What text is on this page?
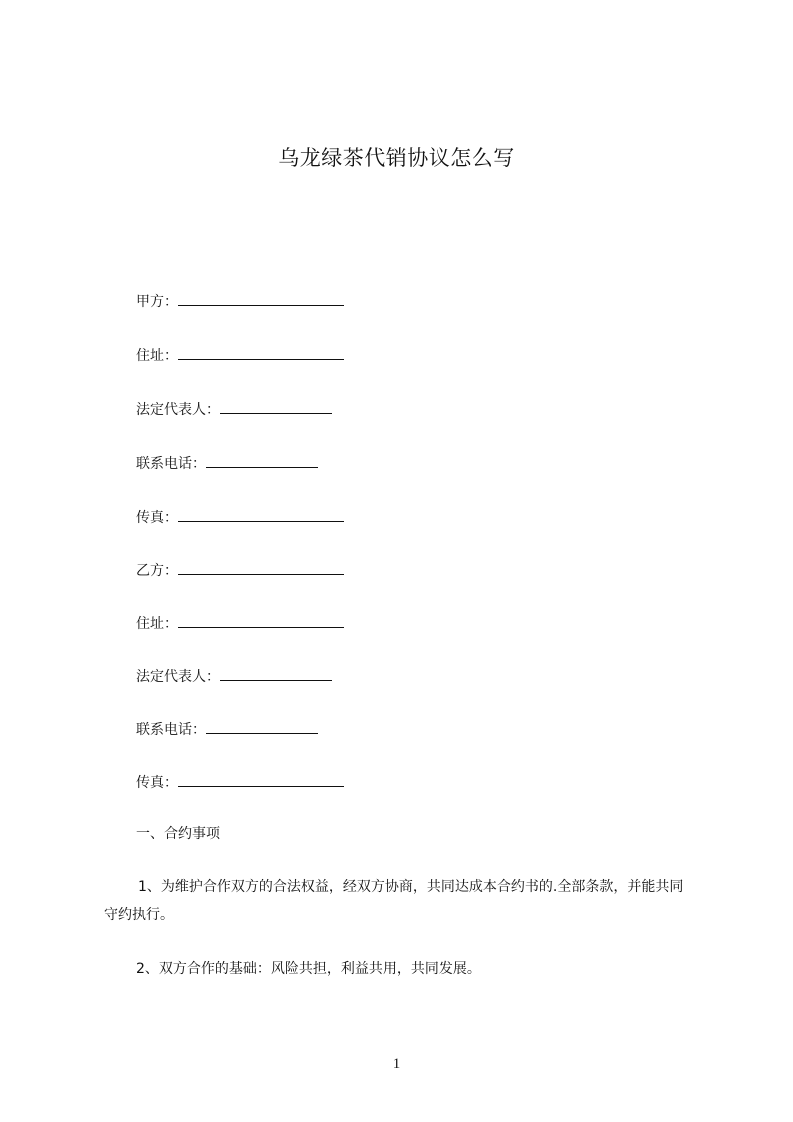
乌龙绿茶代销协议怎么写
甲方：
住址：
法定代表人：
联系电话：
传真：
乙方：
住址：
法定代表人：
联系电话：
传真：
一、合约事项

1、为维护合作双方的合法权益，经双方协商，共同达成本合约书的.全部条款，并能共同守约执行。

2、双方合作的基础：风险共担，利益共用，共同发展。

1
